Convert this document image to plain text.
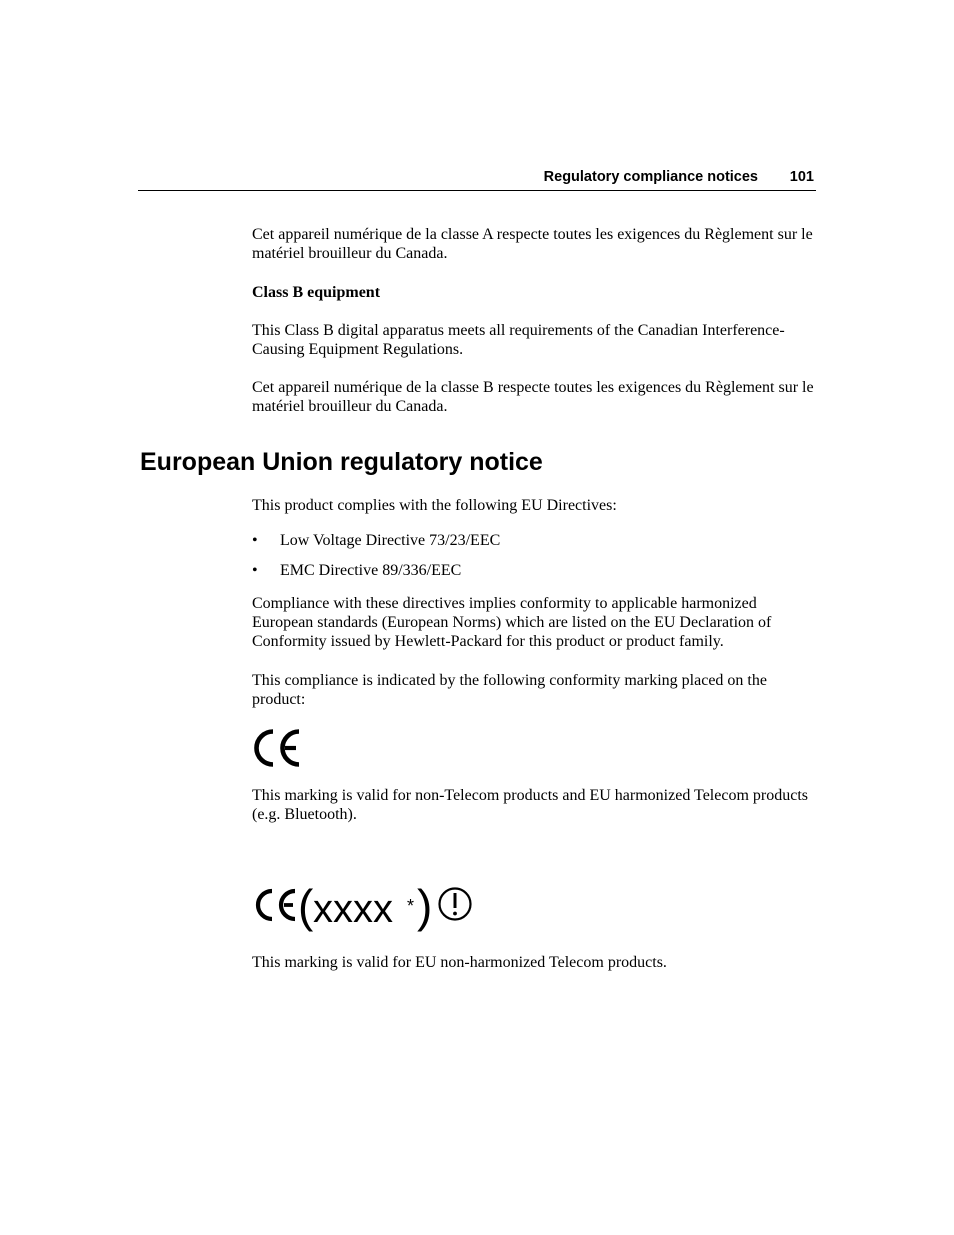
Regulatory compliance notices 101

Cet appareil numérique de la classe A respecte toutes les exigences du Règlement sur le matériel brouilleur du Canada.

Class B equipment

This Class B digital apparatus meets all requirements of the Canadian Interference-Causing Equipment Regulations.

Cet appareil numérique de la classe B respecte toutes les exigences du Règlement sur le matériel brouilleur du Canada.

European Union regulatory notice

This product complies with the following EU Directives:

• Low Voltage Directive 73/23/EEC
• EMC Directive 89/336/EEC

Compliance with these directives implies conformity to applicable harmonized European standards (European Norms) which are listed on the EU Declaration of Conformity issued by Hewlett-Packard for this product or product family.

This compliance is indicated by the following conformity marking placed on the product:

This marking is valid for non-Telecom products and EU harmonized Telecom products (e.g. Bluetooth).

( xxxx * )

This marking is valid for EU non-harmonized Telecom products.
